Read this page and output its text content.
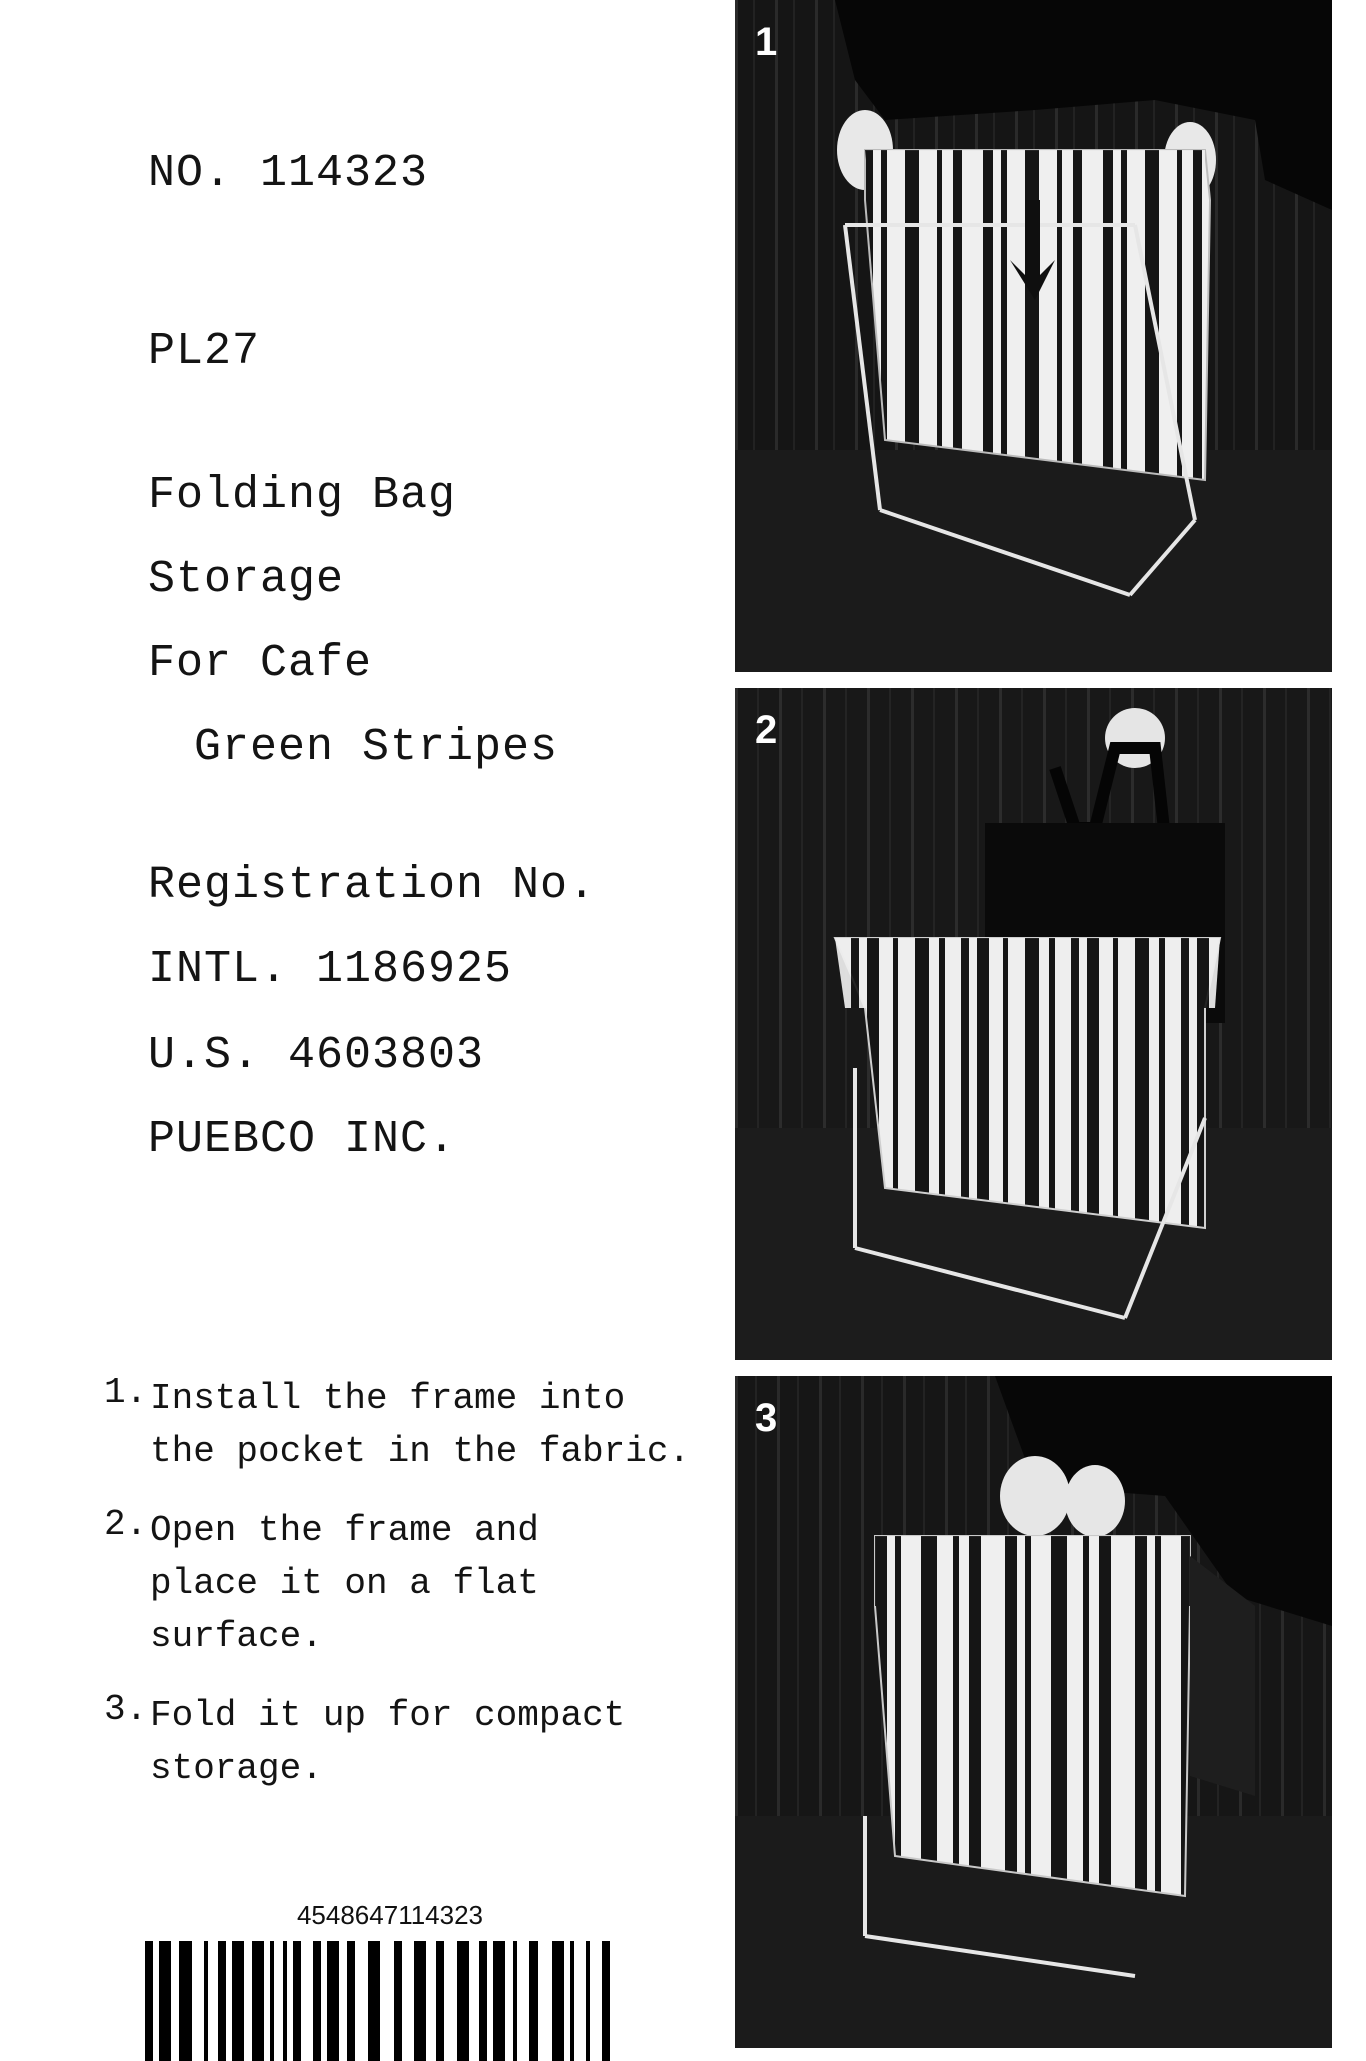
NO. 114323
PL27
Folding Bag
Storage
For Cafe
Green Stripes
Registration No.
INTL. 1186925
U.S. 4603803
PUEBCO INC.
1. Install the frame into
the pocket in the fabric.
2. Open the frame and
place it on a flat
surface.
3. Fold it up for compact
storage.
4548647114323
1
2
3
